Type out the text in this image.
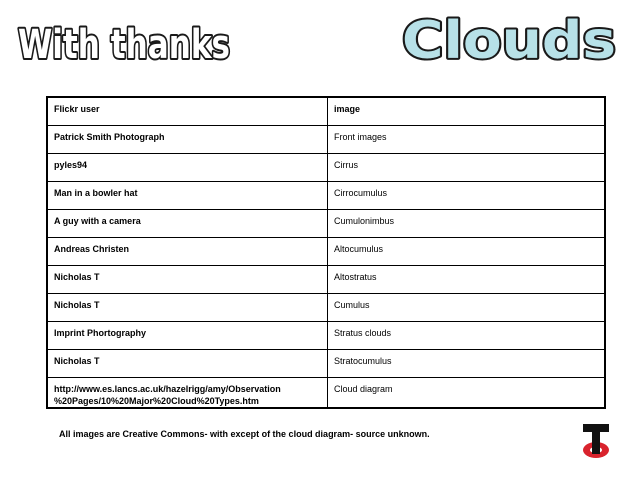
With thanks	Clouds
Flickr user	image
Patrick Smith Photograph	Front images
pyles94	Cirrus
Man in a bowler hat	Cirrocumulus
A guy with a camera	Cumulonimbus
Andreas Christen	Altocumulus
Nicholas T	Altostratus
Nicholas T	Cumulus
Imprint Phortography	Stratus clouds
Nicholas T	Stratocumulus

http://www.es.lancs.ac.uk/hazelrigg/amy/Observation
%20Pages/10%20Major%20Cloud%20Types.htm	Cloud diagram
All images are Creative Commons- with except of the cloud diagram- source unknown.
